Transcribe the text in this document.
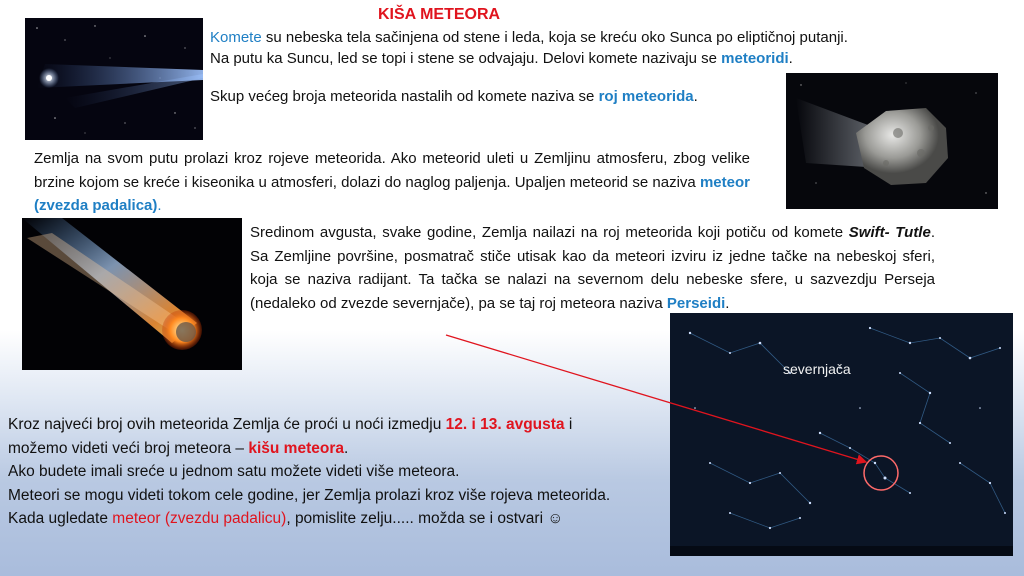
KIŠA METEORA
Komete su nebeska tela sačinjena od stene i leda, koja se kreću oko Sunca po eliptičnoj putanji.
Na putu ka Suncu, led se topi i stene se odvajaju. Delovi komete nazivaju se meteoridi.
Skup većeg broja meteorida nastalih od komete naziva se roj meteorida.
Zemlja na svom putu prolazi kroz rojeve meteorida. Ako meteorid uleti u Zemljinu atmosferu, zbog velike brzine kojom se kreće i kiseonika u atmosferi, dolazi do naglog paljenja. Upaljen meteorid se naziva meteor (zvezda padalica).
Sredinom avgusta, svake godine, Zemlja nailazi na roj meteorida koji potiču od komete Swift- Tutle. Sa Zemljine površine, posmatrač stiče utisak kao da meteori izviru iz jedne tačke na nebeskoj sferi, koja se naziva radijant. Ta tačka se nalazi na severnom delu nebeske sfere, u sazvezdju Perseja (nedaleko od zvezde severnjače), pa se taj roj meteora naziva Perseidi.
severnjača
Kroz najveći broj ovih meteorida Zemlja će proći u noći izmedju 12. i 13. avgusta i
možemo videti veći broj meteora – kišu meteora.
Ako budete imali sreće u jednom satu možete videti više meteora.
Meteori se mogu videti tokom cele godine, jer Zemlja prolazi kroz više rojeva meteorida.
Kada ugledate meteor (zvezdu padalicu), pomislite zelju..... možda se i ostvari ☺
